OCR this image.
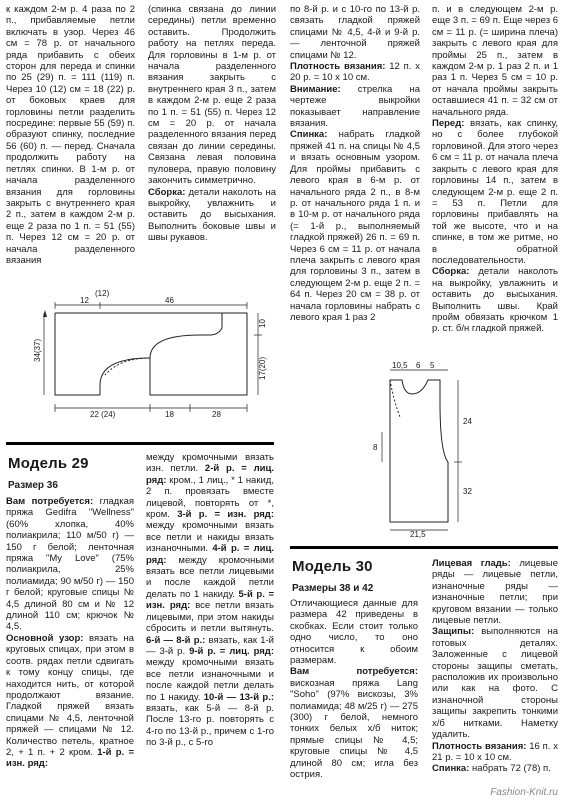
к каждом 2-м р. 4 раза по 2 п., прибавляемые петли включать в узор. Через 46 см = 78 р. от начального ряда прибавить с обеих сторон для переда и спинки по 25 (29) п. = 111 (119) п. Через 10 (12) см = 18 (22) р. от боковых краев для горловины петли разделить посредине: первые 55 (59) п. образуют спинку, последние 56 (60) п. — перед. Сначала продолжить работу на петлях спинки. В 1-м р. от начала разделенного вязания для горловины закрыть с внутреннего края 2 п., затем в каждом 2-м р. еще 2 раза по 1 п. = 51 (55) п. Через 12 см = 20 р. от начала разделенного вязания

(спинка связана до линии середины) петли временно оставить. Продолжить работу на петлях переда. Для горловины в 1-м р. от начала разделенного вязания закрыть с внутреннего края 3 п., затем в каждом 2-м р. еще 2 раза по 1 п. = 51 (55) п. Через 12 см = 20 р. от начала разделенного вязания перед связан до линии середины. Связана левая половина пуловера, правую половину закончить симметрично.

Сборка: детали наколоть на выкройку, увлажнить и оставить до высыхания. Выполнить боковые швы и швы рукавов.

по 8-й р. и с 10-го по 13-й р. связать гладкой пряжей спицами № 4,5, 4-й и 9-й р. — ленточной пряжей спицами № 12.

Плотность вязания: 12 п. х 20 р. = 10 х 10 см.

Внимание: стрелка на чертеже выкройки показывает направление вязания.

Спинка: набрать гладкой пряжей 41 п. на спицы № 4,5 и вязать основным узором. Для проймы прибавить с левого края в 6-м р. от начального ряда 2 п., в 8-м р. от начального ряда 1 п. и в 10-м р. от начального ряда (= 1-й р., выполняемый гладкой пряжей) 26 п. = 69 п. Через 6 см = 11 р. от начала плеча закрыть с левого края для горловины 3 п., затем в следующем 2-м р. еще 2 п. = 64 п. Через 20 см = 38 р. от начала горловины набрать с левого края 1 раз 2

п. и в следующем 2-м р. еще 3 п. = 69 п. Еще через 6 см = 11 р. (= ширина плеча) закрыть с левого края для проймы 25 п., затем в каждом 2-м р. 1 раз 2 п. и 1 раз 1 п. Через 5 см = 10 р. от начала проймы закрыть оставшиеся 41 п. = 32 см от начального ряда.

Перед: вязать, как спинку, но с более глубокой горловиной. Для этого через 6 см = 11 р. от начала плеча закрыть с левого края для горловины 14 п., затем в следующем 2-м р. еще 2 п. = 53 п. Петли для горловины прибавлять на той же высоте, что и на спинке, в том же ритме, но в обратной последовательности.

Сборка: детали наколоть на выкройку, увлажнить и оставить до высыхания. Выполнить швы. Край пройм обвязать крючком 1 р. ст. б/н гладкой пряжей.

12
(12)
46
34(37)
10
17(20)
22 (24)	18	28
10,5 6 5
24
32
8
21,5
Модель 29
Размер 36

Вам потребуется: гладкая пряжа Gedifra "Wellness" (60% хлопка, 40% полиакрила; 110 м/50 г) — 150 г белой; ленточная пряжа "My Love" (75% полиакрила, 25% полиамида; 90 м/50 г) — 150 г белой; круговые спицы № 4,5 длиной 80 см и № 12 длиной 110 см; крючок № 4,5.

Основной узор: вязать на круговых спицах, при этом в соотв. рядах петли сдвигать к тому концу спицы, где находится нить, от которой продолжают вязание. Гладкой пряжей вязать спицами № 4,5, ленточной пряжей — спицами № 12. Количество петель, кратное 2, + 1 п. + 2 кром. 1-й р. = изн. ряд:

между кромочными вязать изн. петли. 2-й р. = лиц. ряд: кром., 1 лиц., * 1 накид, 2 п. провязать вместе лицевой, повторять от *, кром. 3-й р. = изн. ряд: между кромочными вязать все петли и накиды вязать изнаночными. 4-й р. = лиц. ряд: между кромочными вязать все петли лицевыми и после каждой петли делать по 1 накиду. 5-й р. = изн. ряд: все петли вязать лицевыми, при этом накиды сбросить и петли вытянуть. 6-й — 8-й р.: вязать, как 1-й — 3-й р. 9-й р. = лиц. ряд: между кромочными вязать все петли изнаночными и после каждой петли делать по 1 накиду. 10-й — 13-й р.: вязать, как 5-й — 8-й р. После 13-го р. повторять с 4-го по 13-й р., причем с 1-го по 3-й р., с 5-го

Модель 30
Размеры 38 и 42

Отличающиеся данные для размера 42 приведены в скобках. Если стоит только одно число, то оно относится к обоим размерам.

Вам потребуется: вискозная пряжа Lang "Soho" (97% вискозы, 3% полиамида; 48 м/25 г) — 275 (300) г белой, немного тонких белых х/б ниток; прямые спицы № 4,5; круговые спицы № 4,5 длиной 80 см; игла без острия.

Лицевая гладь: лицевые ряды — лицевые петли, изнаночные ряды — изнаночные петли; при круговом вязании — только лицевые петли.

Защипы: выполняются на готовых деталях. Заложенные с лицевой стороны защипы сметать, расположив их произвольно или как на фото. С изнаночной стороны защипы закрепить тонкими х/б нитками. Наметку удалить.

Плотность вязания: 16 п. х 21 р. = 10 х 10 см.

Спинка: набрать 72 (78) п.

Fashion-Knit.ru
